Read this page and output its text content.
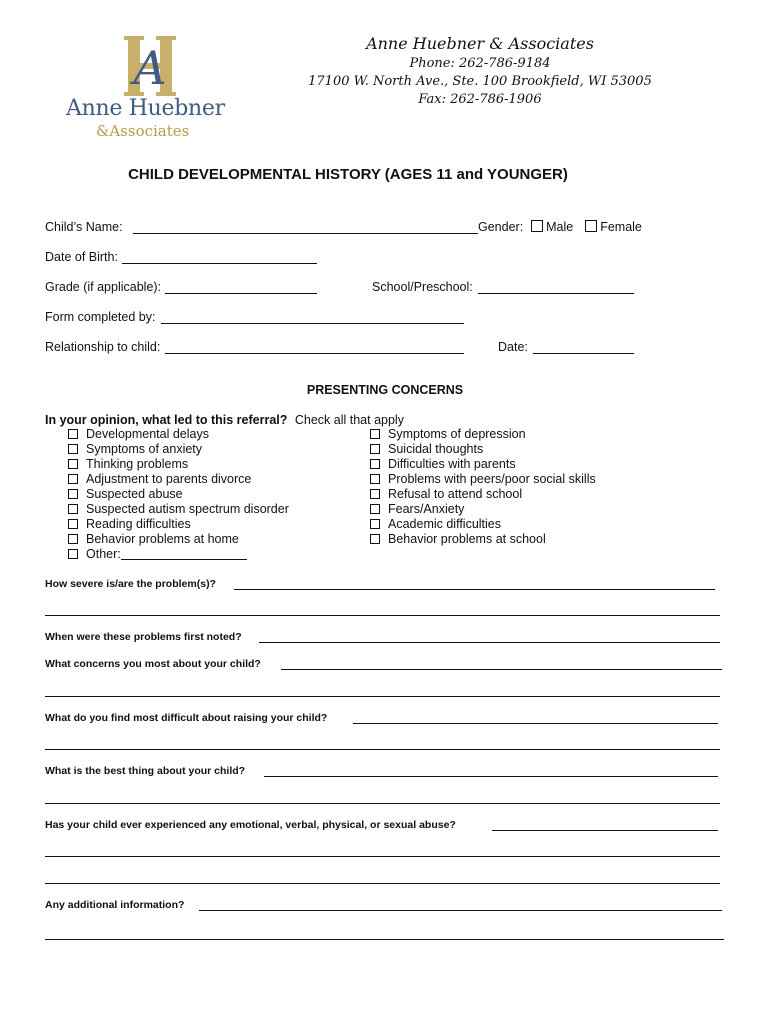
A
Anne Huebner
&Associates
Anne Huebner & Associates
Phone: 262-786-9184
17100 W. North Ave., Ste. 100 Brookfield, WI 53005
Fax: 262-786-1906
CHILD DEVELOPMENTAL HISTORY (AGES 11 and YOUNGER)
Child’s Name:	Gender: Male Female
Date of Birth:
Grade (if applicable):	School/Preschool:
Form completed by:
Relationship to child:	Date:
PRESENTING CONCERNS
In your opinion, what led to this referral? Check all that apply
Developmental delays
Symptoms of anxiety
Thinking problems
Adjustment to parents divorce
Suspected abuse
Suspected autism spectrum disorder
Reading difficulties
Behavior problems at home
Other:
Symptoms of depression
Suicidal thoughts
Difficulties with parents
Problems with peers/poor social skills
Refusal to attend school
Fears/Anxiety
Academic difficulties
Behavior problems at school
How severe is/are the problem(s)?
When were these problems first noted?
What concerns you most about your child?
What do you find most difficult about raising your child?
What is the best thing about your child?
Has your child ever experienced any emotional, verbal, physical, or sexual abuse?
Any additional information?
